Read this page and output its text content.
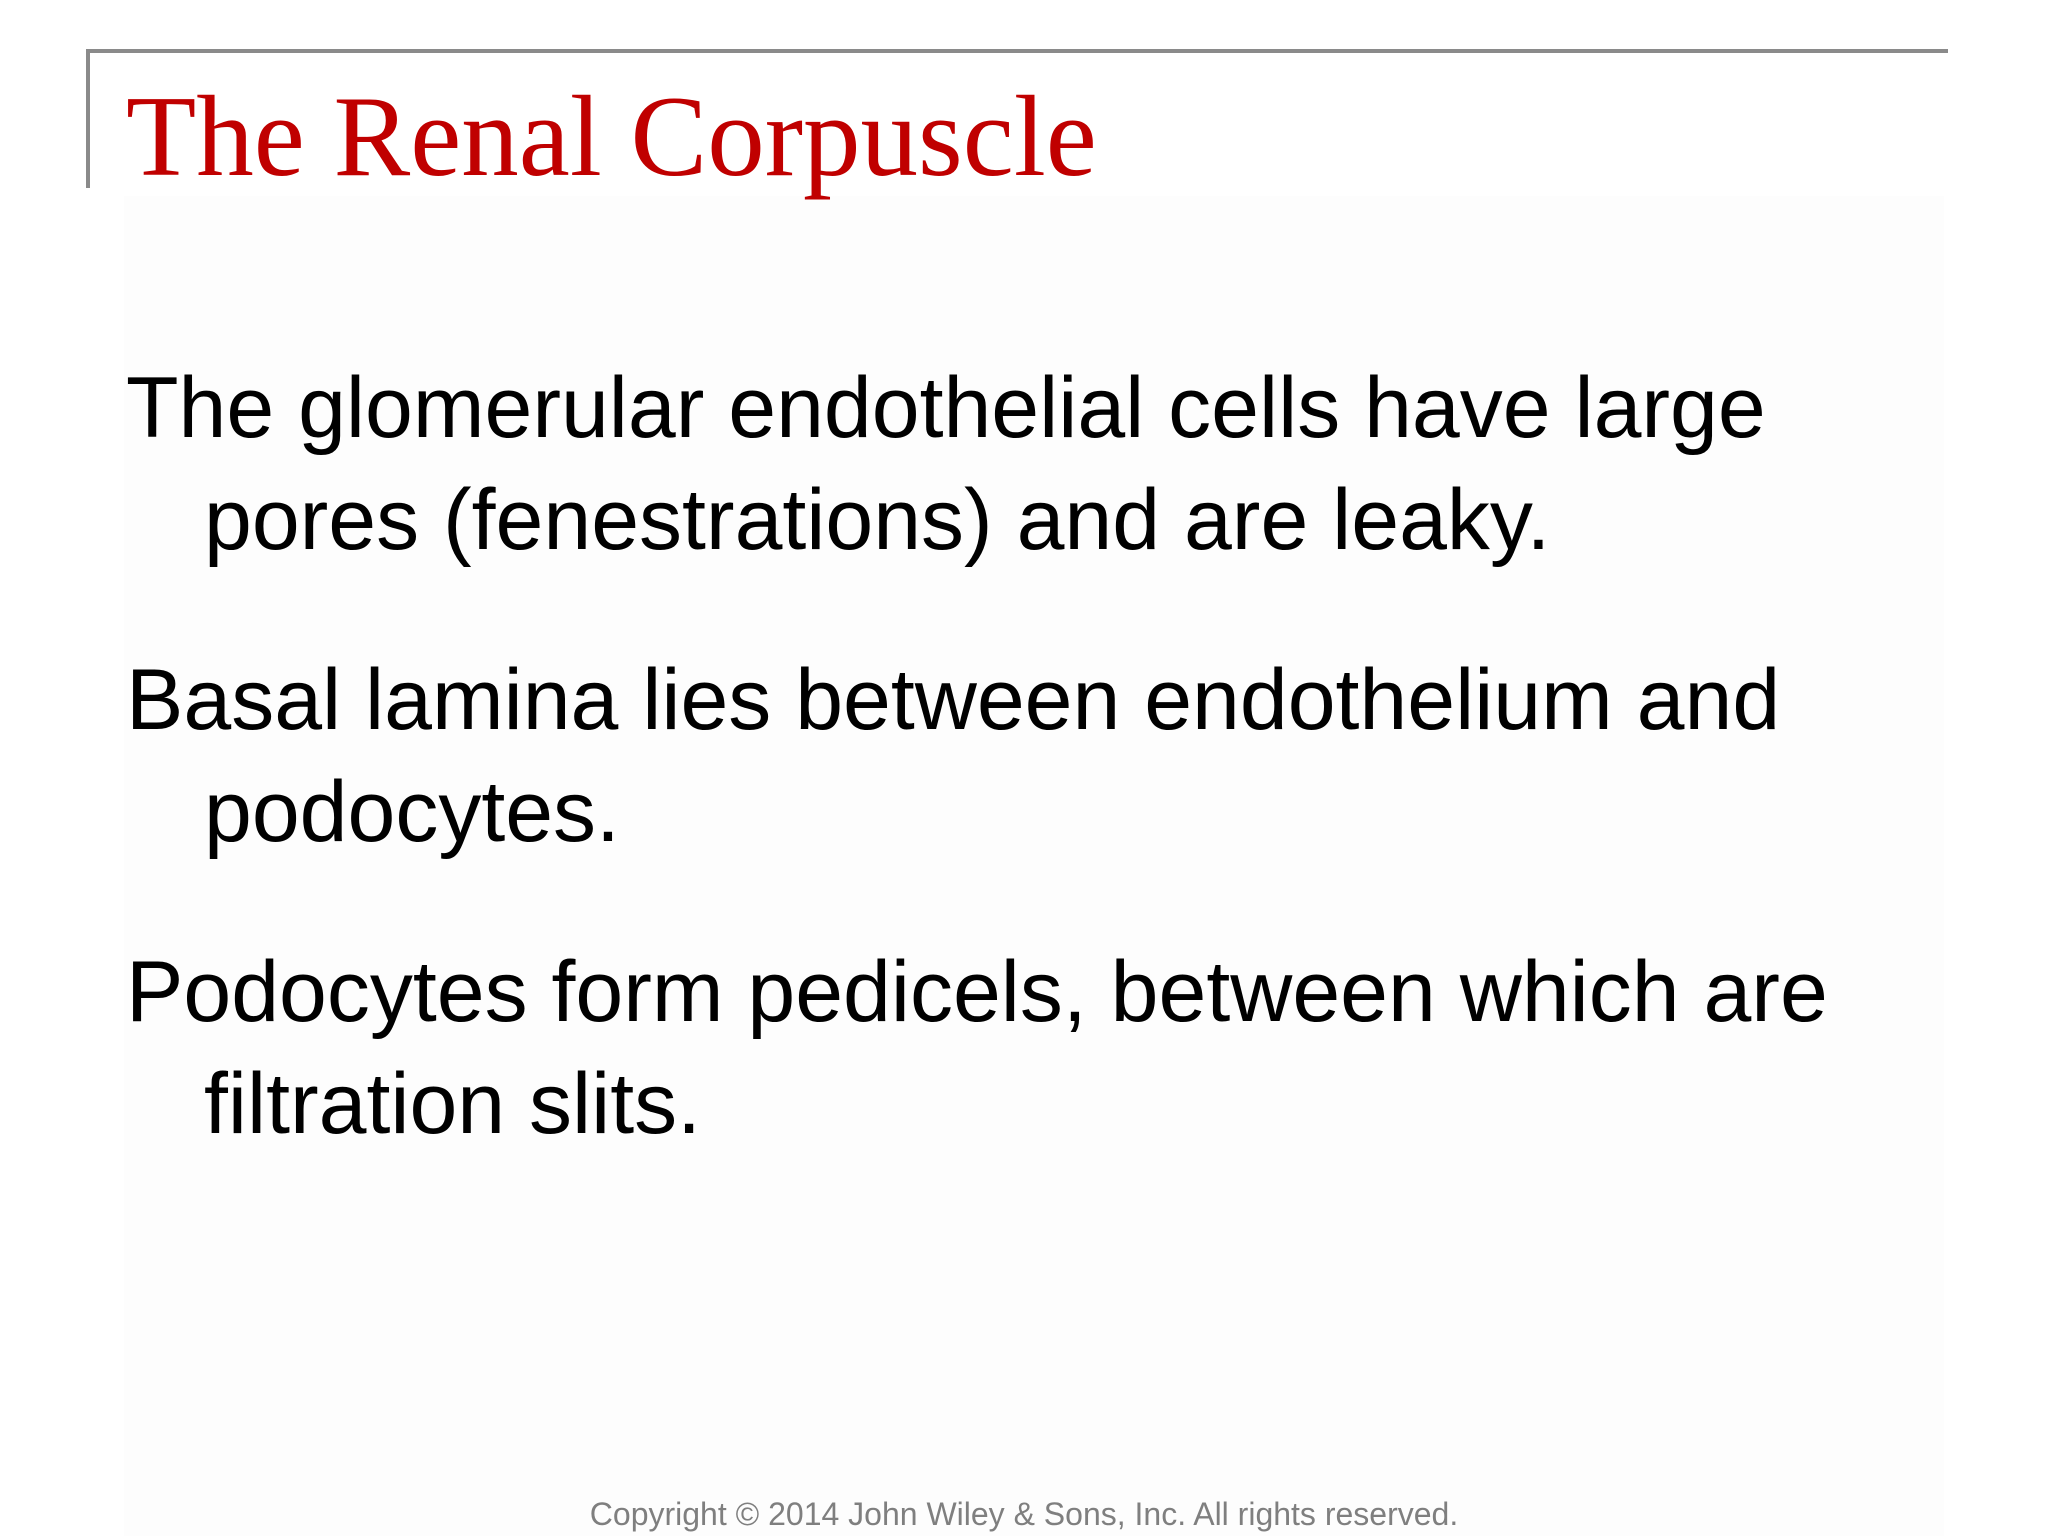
The Renal Corpuscle
The glomerular endothelial cells have large pores (fenestrations) and are leaky.
Basal lamina lies between endothelium and podocytes.
Podocytes form pedicels, between which are filtration slits.
Copyright © 2014 John Wiley & Sons, Inc. All rights reserved.
